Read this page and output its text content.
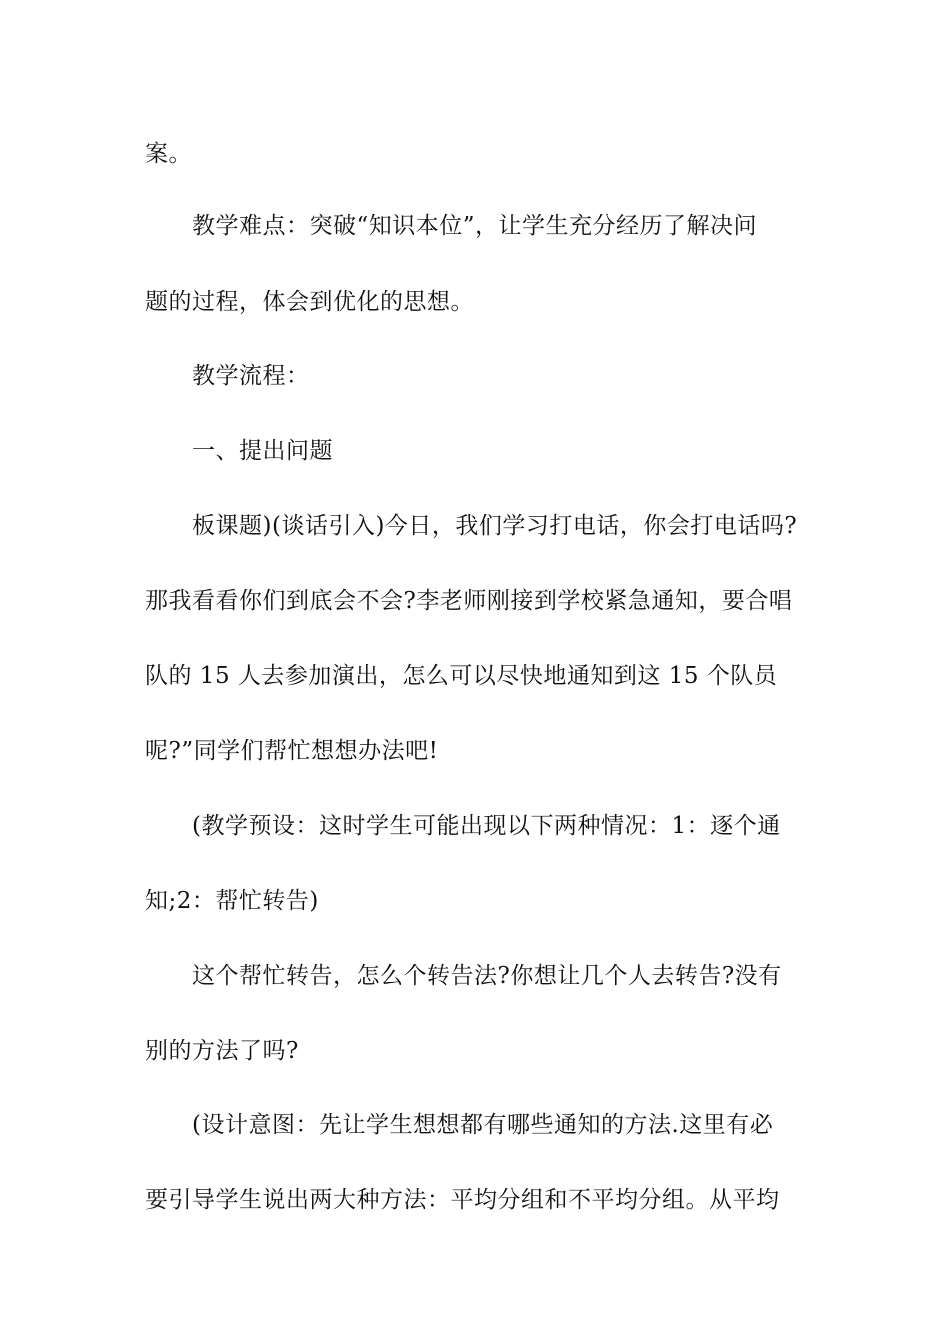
案。
教学难点：突破“知识本位”，让学生充分经历了解决问
题的过程，体会到优化的思想。
教学流程：
一、提出问题
板课题)(谈话引入)今日，我们学习打电话，你会打电话吗?
那我看看你们到底会不会?李老师刚接到学校紧急通知，要合唱
队的 15 人去参加演出，怎么可以尽快地通知到这 15 个队员
呢?”同学们帮忙想想办法吧!
(教学预设：这时学生可能出现以下两种情况：1：逐个通
知;2：帮忙转告)
这个帮忙转告，怎么个转告法?你想让几个人去转告?没有
别的方法了吗?
(设计意图：先让学生想想都有哪些通知的方法.这里有必
要引导学生说出两大种方法：平均分组和不平均分组。从平均
